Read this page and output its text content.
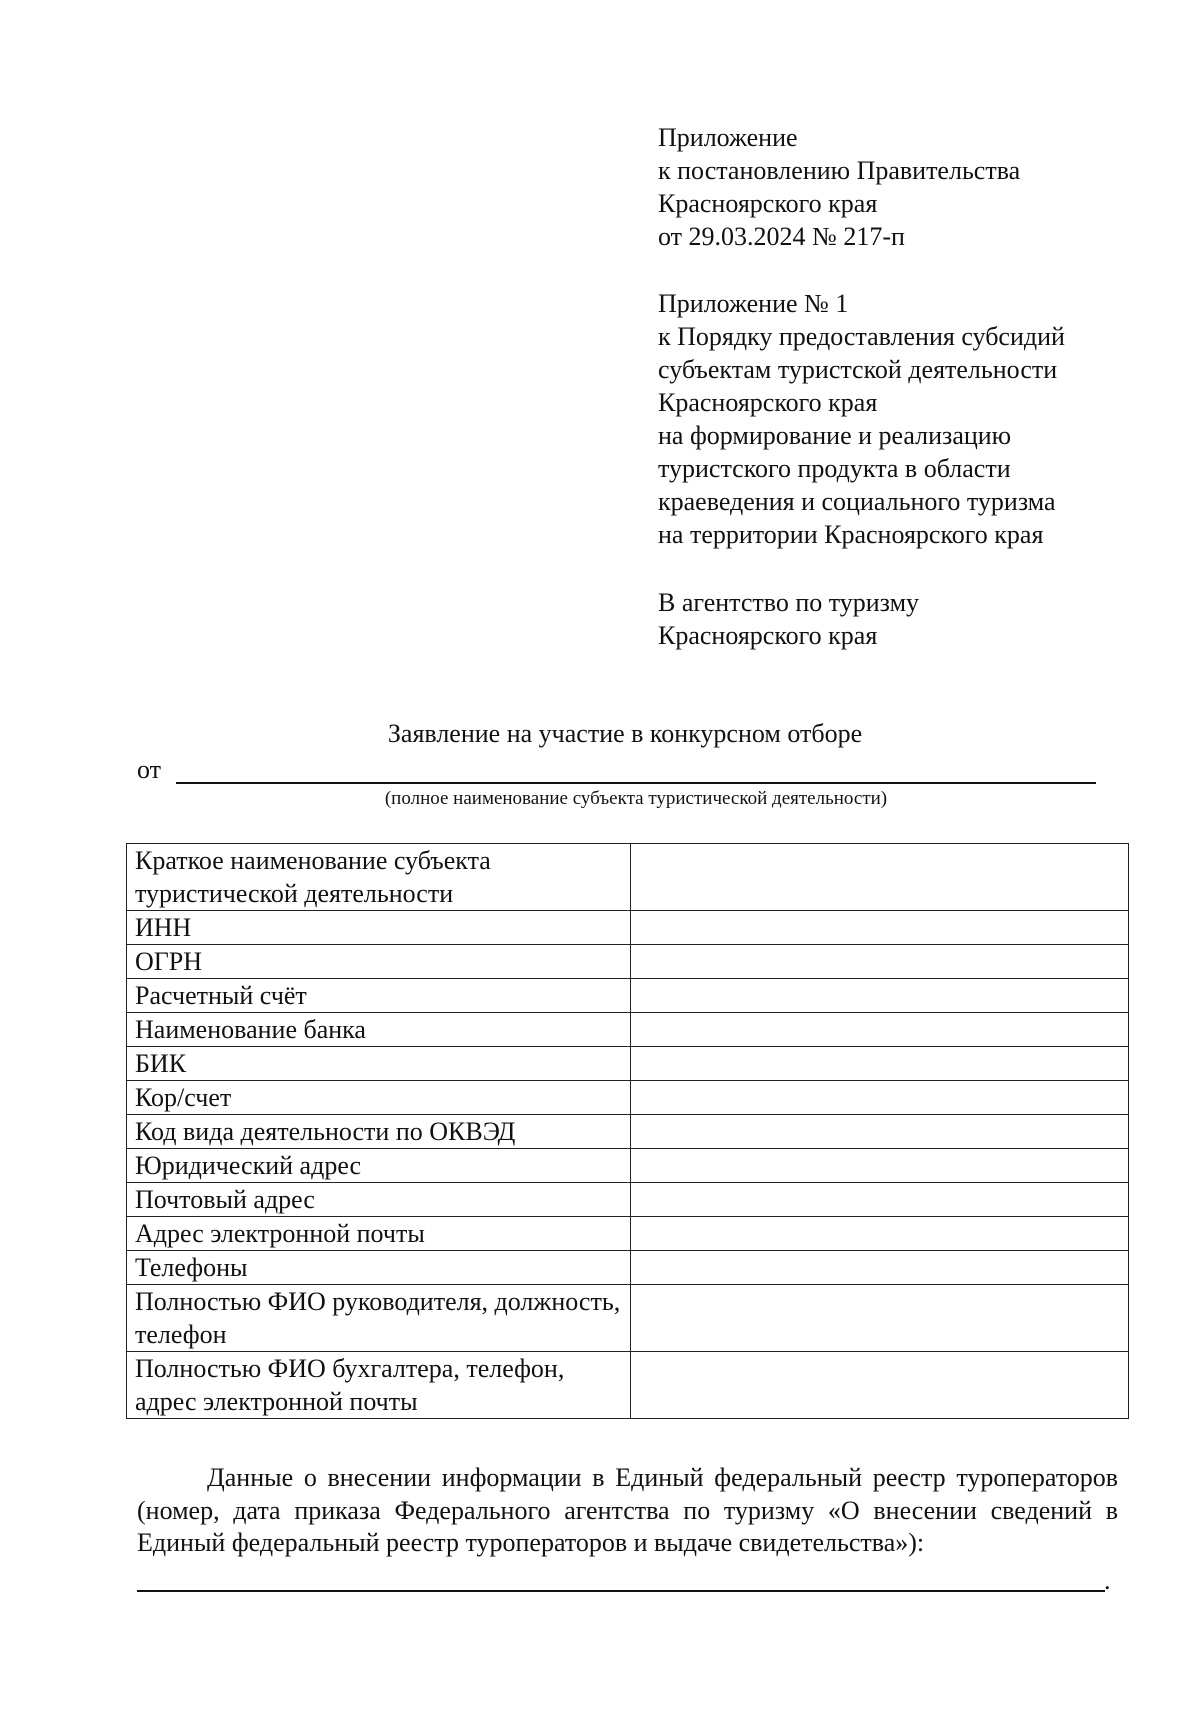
Приложение
к постановлению Правительства
Красноярского края
от 29.03.2024 № 217-п
Приложение № 1
к Порядку предоставления субсидий
субъектам туристской деятельности
Красноярского края
на формирование и реализацию
туристского продукта в области
краеведения и социального туризма
на территории Красноярского края
В агентство по туризму
Красноярского края
Заявление на участие в конкурсном отборе
от
(полное наименование субъекта туристической деятельности)
Краткое наименование субъекта туристической деятельности	
ИНН	
ОГРН	
Расчетный счёт	
Наименование банка	
БИК	
Кор/счет	
Код вида деятельности по ОКВЭД	
Юридический адрес	
Почтовый адрес	
Адрес электронной почты	
Телефоны	
Полностью ФИО руководителя, должность, телефон	
Полностью ФИО бухгалтера, телефон, адрес электронной почты	
Данные о внесении информации в Единый федеральный реестр туроператоров (номер, дата приказа Федерального агентства по туризму «О внесении сведений в Единый федеральный реестр туроператоров и выдаче свидетельства»):
.
